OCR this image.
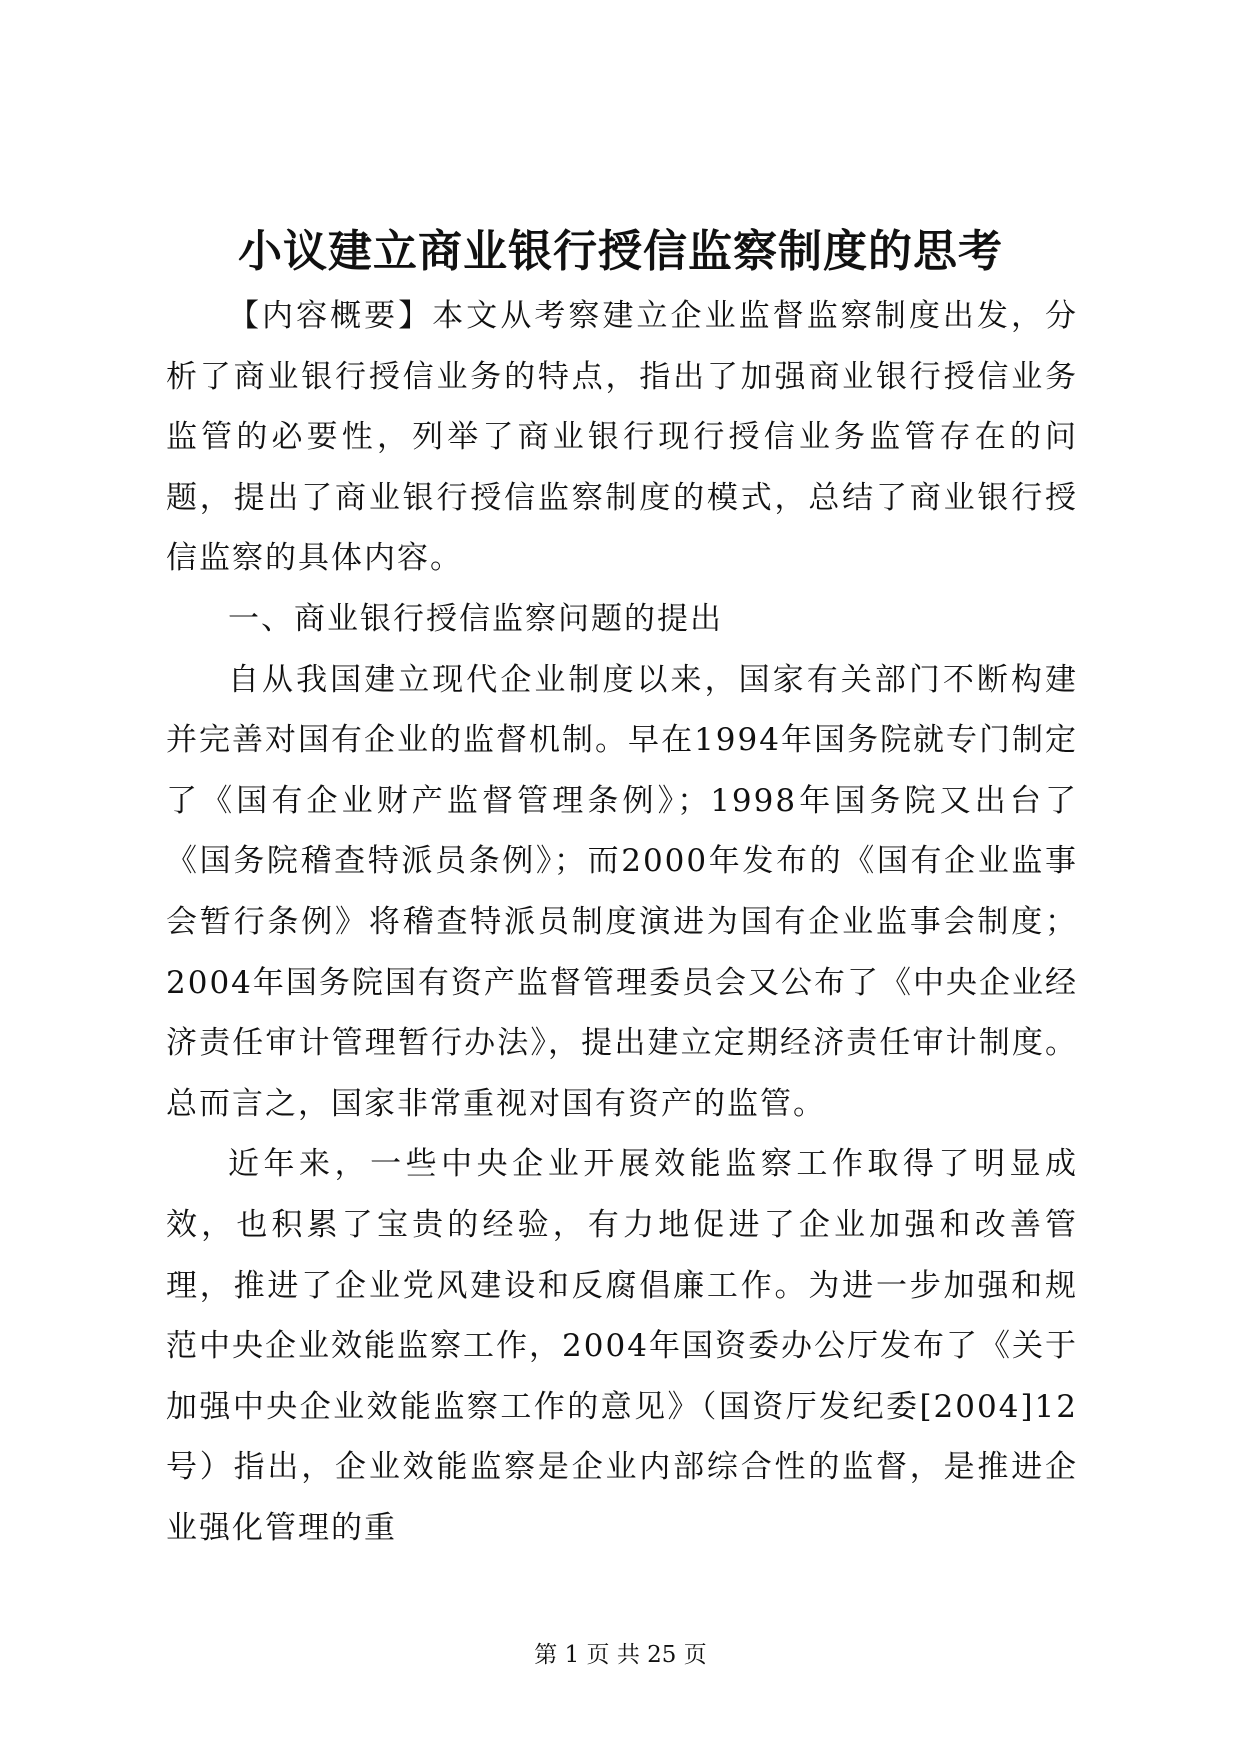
小议建立商业银行授信监察制度的思考

【内容概要】本文从考察建立企业监督监察制度出发，分析了商业银行授信业务的特点，指出了加强商业银行授信业务监管的必要性，列举了商业银行现行授信业务监管存在的问题，提出了商业银行授信监察制度的模式，总结了商业银行授信监察的具体内容。

一、商业银行授信监察问题的提出

自从我国建立现代企业制度以来，国家有关部门不断构建并完善对国有企业的监督机制。早在1994年国务院就专门制定了《国有企业财产监督管理条例》；1998年国务院又出台了《国务院稽查特派员条例》；而2000年发布的《国有企业监事会暂行条例》将稽查特派员制度演进为国有企业监事会制度；2004年国务院国有资产监督管理委员会又公布了《中央企业经济责任审计管理暂行办法》，提出建立定期经济责任审计制度。总而言之，国家非常重视对国有资产的监管。

近年来，一些中央企业开展效能监察工作取得了明显成效，也积累了宝贵的经验，有力地促进了企业加强和改善管理，推进了企业党风建设和反腐倡廉工作。为进一步加强和规范中央企业效能监察工作，2004年国资委办公厅发布了《关于加强中央企业效能监察工作的意见》（国资厅发纪委[2004]12号）指出，企业效能监察是企业内部综合性的监督，是推进企业强化管理的重

第 1 页 共 25 页
